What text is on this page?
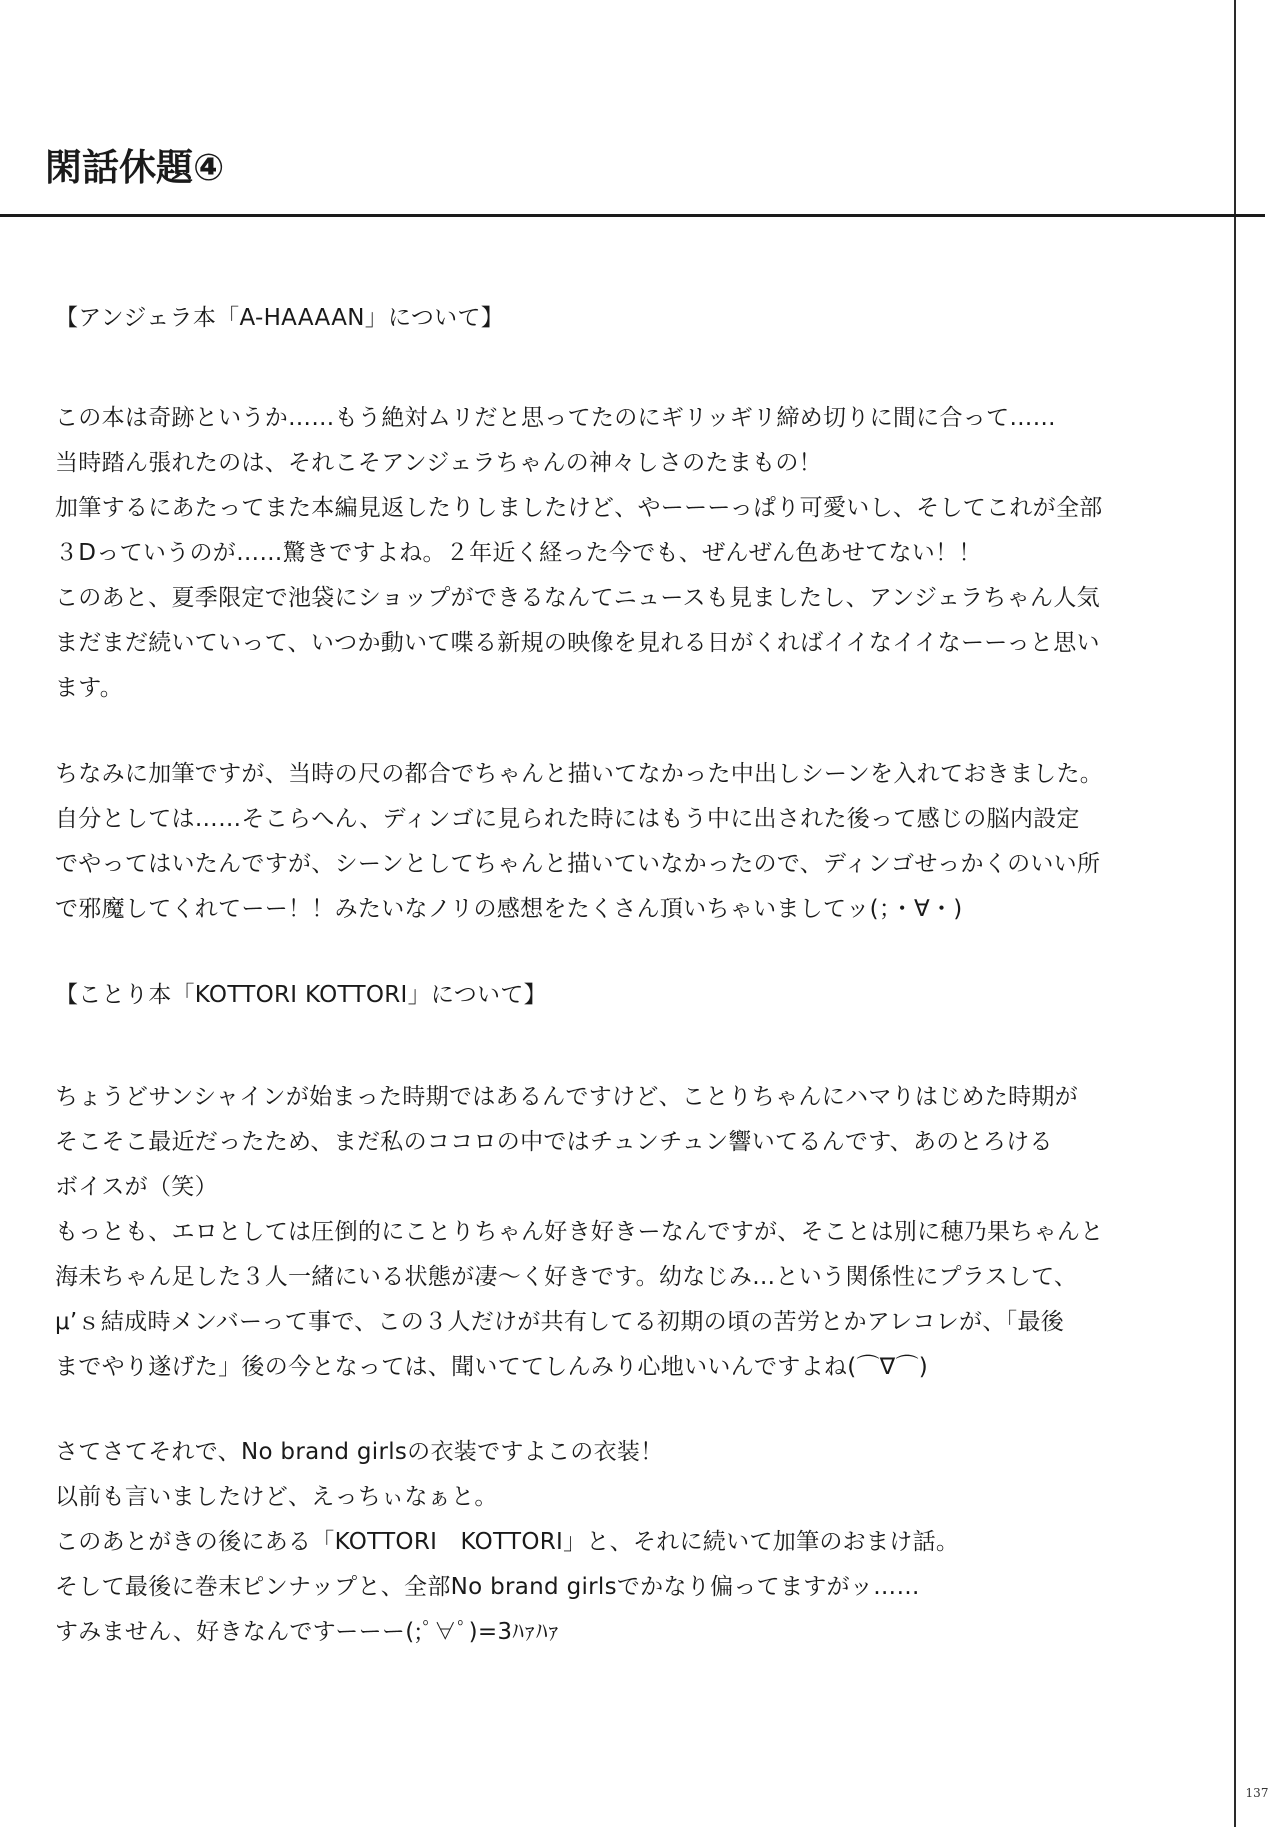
閑話休題④
【アンジェラ本「A-HAAAAN」について】
この本は奇跡というか……もう絶対ムリだと思ってたのにギリッギリ締め切りに間に合って……
当時踏ん張れたのは、それこそアンジェラちゃんの神々しさのたまもの！
加筆するにあたってまた本編見返したりしましたけど、やーーーっぱり可愛いし、そしてこれが全部
３Dっていうのが……驚きですよね。２年近く経った今でも、ぜんぜん色あせてない！！
このあと、夏季限定で池袋にショップができるなんてニュースも見ましたし、アンジェラちゃん人気
まだまだ続いていって、いつか動いて喋る新規の映像を見れる日がくればイイなイイなーーっと思い
ます。
ちなみに加筆ですが、当時の尺の都合でちゃんと描いてなかった中出しシーンを入れておきました。
自分としては……そこらへん、ディンゴに見られた時にはもう中に出された後って感じの脳内設定
でやってはいたんですが、シーンとしてちゃんと描いていなかったので、ディンゴせっかくのいい所
で邪魔してくれてーー！！みたいなノリの感想をたくさん頂いちゃいましてッ(；・∀・)
【ことり本「KOTTORI KOTTORI」について】
ちょうどサンシャインが始まった時期ではあるんですけど、ことりちゃんにハマりはじめた時期が
そこそこ最近だったため、まだ私のココロの中ではチュンチュン響いてるんです、あのとろける
ボイスが（笑）
もっとも、エロとしては圧倒的にことりちゃん好き好きーなんですが、そことは別に穂乃果ちゃんと
海未ちゃん足した３人一緒にいる状態が凄～く好きです。幼なじみ…という関係性にプラスして、
μ’ｓ結成時メンバーって事で、この３人だけが共有してる初期の頃の苦労とかアレコレが、「最後
までやり遂げた」後の今となっては、聞いててしんみり心地いいんですよね(⌒∇⌒)
さてさてそれで、No brand girlsの衣装ですよこの衣装！
以前も言いましたけど、えっちぃなぁと。
このあとがきの後にある「KOTTORI　KOTTORI」と、それに続いて加筆のおまけ話。
そして最後に巻末ピンナップと、全部No brand girlsでかなり偏ってますがッ……
すみません、好きなんですーーー(;ﾟ∀ﾟ)=3ﾊｧﾊｧ
137
